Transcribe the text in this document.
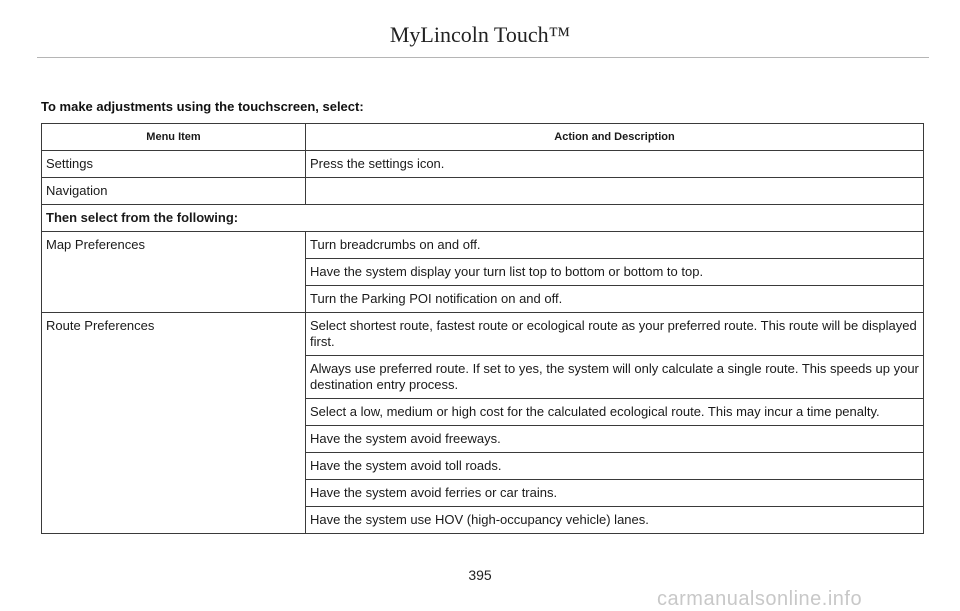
MyLincoln Touch™
To make adjustments using the touchscreen, select:
Menu Item	Action and Description
Settings	Press the settings icon.
Navigation	
Then select from the following:	
Map Preferences	Turn breadcrumbs on and off.
	Have the system display your turn list top to bottom or bottom to top.
	Turn the Parking POI notification on and off.
Route Preferences	Select shortest route, fastest route or ecological route as your preferred route. This route will be displayed first.
	Always use preferred route. If set to yes, the system will only calculate a single route. This speeds up your destination entry process.
	Select a low, medium or high cost for the calculated ecological route. This may incur a time penalty.
	Have the system avoid freeways.
	Have the system avoid toll roads.
	Have the system avoid ferries or car trains.
	Have the system use HOV (high-occupancy vehicle) lanes.
395
carmanualsonline.info
